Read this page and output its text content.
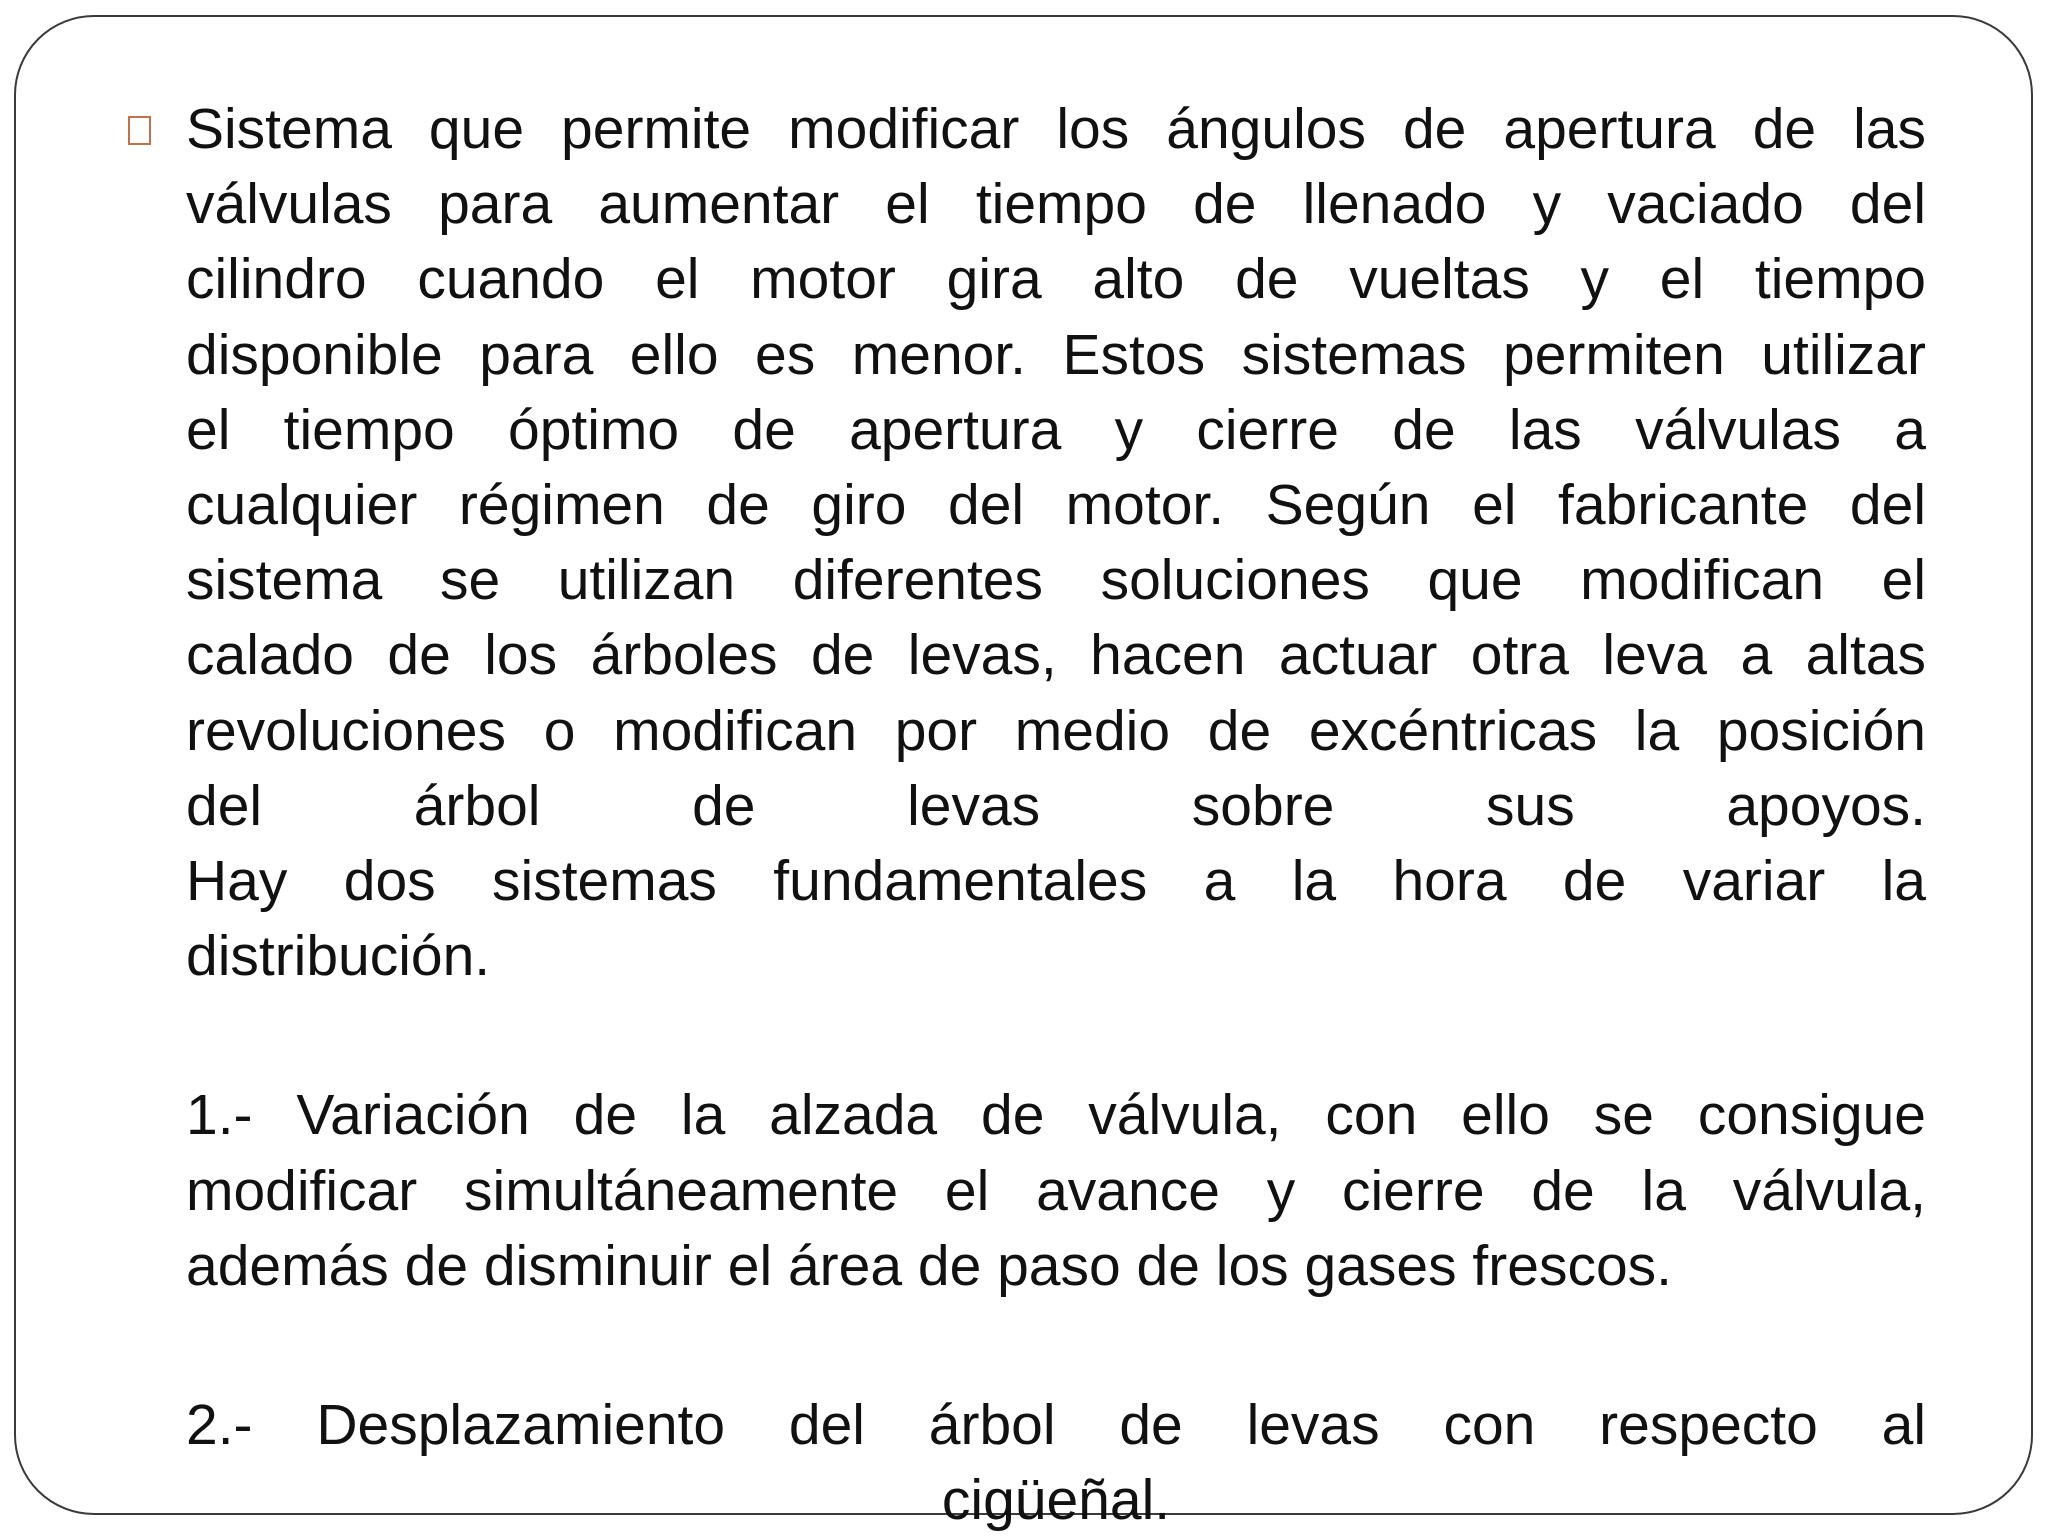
Sistema que permite modificar los ángulos de apertura de las

válvulas para aumentar el tiempo de llenado y vaciado del

cilindro cuando el motor gira alto de vueltas y el tiempo

disponible para ello es menor. Estos sistemas permiten utilizar

el tiempo óptimo de apertura y cierre de las válvulas a

cualquier régimen de giro del motor. Según el fabricante del

sistema se utilizan diferentes soluciones que modifican el

calado de los árboles de levas, hacen actuar otra leva a altas

revoluciones o modifican por medio de excéntricas la posición

del árbol de levas sobre sus apoyos.

Hay dos sistemas fundamentales a la hora de variar la

distribución.

1.- Variación de la alzada de válvula, con ello se consigue

modificar simultáneamente el avance y cierre de la válvula,

además de disminuir el área de paso de los gases frescos.

2.- Desplazamiento del árbol de levas con respecto al

cigüeñal.
